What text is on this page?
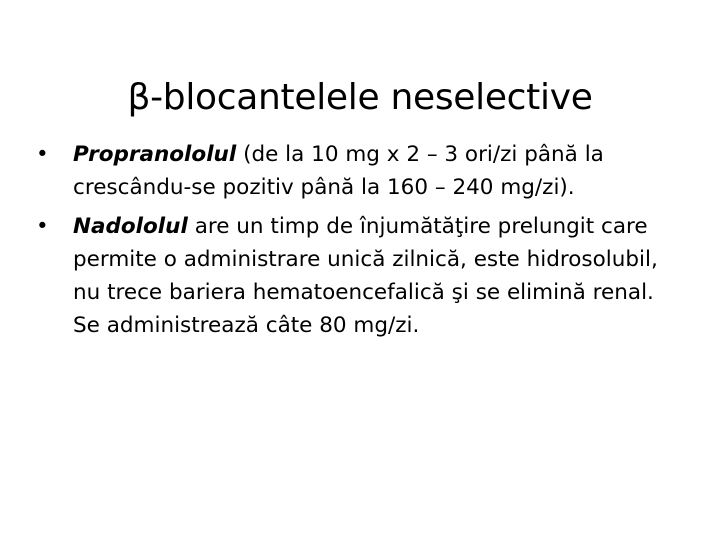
β-blocantelele neselective
•	Propranololul (de la 10 mg x 2 – 3 ori/zi până la crescându-se pozitiv până la 160 – 240 mg/zi).
•	Nadololul are un timp de înjumătăţire prelungit care permite o administrare unică zilnică, este hidrosolubil, nu trece bariera hematoencefalică şi se elimină renal. Se administrează câte 80 mg/zi.
